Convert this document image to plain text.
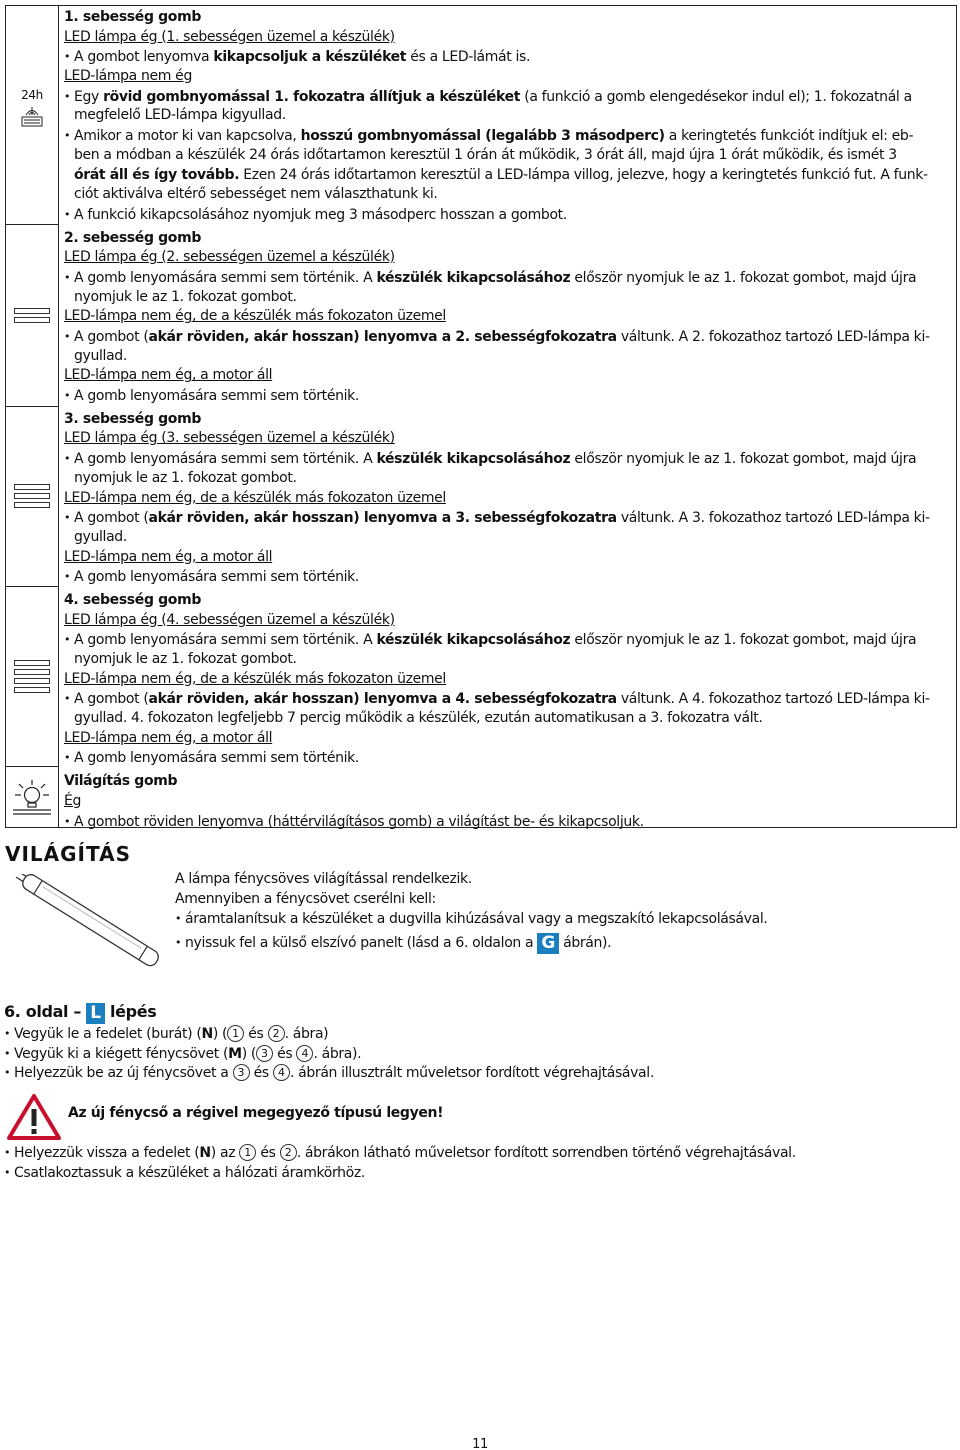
24h
1. sebesség gomb
LED lámpa ég (1. sebességen üzemel a készülék)
• A gombot lenyomva kikapcsoljuk a készüléket és a LED-lámát is.
LED-lámpa nem ég
• Egy rövid gombnyomással 1. fokozatra állítjuk a készüléket (a funkció a gomb elengedésekor indul el); 1. fokozatnál a
megfelelő LED-lámpa kigyullad.
• Amikor a motor ki van kapcsolva, hosszú gombnyomással (legalább 3 másodperc) a keringtetés funkciót indítjuk el: eb-
ben a módban a készülék 24 órás időtartamon keresztül 1 órán át működik, 3 órát áll, majd újra 1 órát működik, és ismét 3
órát áll és így tovább. Ezen 24 órás időtartamon keresztül a LED-lámpa villog, jelezve, hogy a keringtetés funkció fut. A funk-
ciót aktiválva eltérő sebességet nem választhatunk ki.
• A funkció kikapcsolásához nyomjuk meg 3 másodperc hosszan a gombot.
2. sebesség gomb
LED lámpa ég (2. sebességen üzemel a készülék)
• A gomb lenyomására semmi sem történik. A készülék kikapcsolásához először nyomjuk le az 1. fokozat gombot, majd újra
nyomjuk le az 1. fokozat gombot.
LED-lámpa nem ég, de a készülék más fokozaton üzemel
• A gombot (akár röviden, akár hosszan) lenyomva a 2. sebességfokozatra váltunk. A 2. fokozathoz tartozó LED-lámpa ki-
gyullad.
LED-lámpa nem ég, a motor áll
• A gomb lenyomására semmi sem történik.
3. sebesség gomb
LED lámpa ég (3. sebességen üzemel a készülék)
• A gomb lenyomására semmi sem történik. A készülék kikapcsolásához először nyomjuk le az 1. fokozat gombot, majd újra
nyomjuk le az 1. fokozat gombot.
LED-lámpa nem ég, de a készülék más fokozaton üzemel
• A gombot (akár röviden, akár hosszan) lenyomva a 3. sebességfokozatra váltunk. A 3. fokozathoz tartozó LED-lámpa ki-
gyullad.
LED-lámpa nem ég, a motor áll
• A gomb lenyomására semmi sem történik.
4. sebesség gomb
LED lámpa ég (4. sebességen üzemel a készülék)
• A gomb lenyomására semmi sem történik. A készülék kikapcsolásához először nyomjuk le az 1. fokozat gombot, majd újra
nyomjuk le az 1. fokozat gombot.
LED-lámpa nem ég, de a készülék más fokozaton üzemel
• A gombot (akár röviden, akár hosszan) lenyomva a 4. sebességfokozatra váltunk. A 4. fokozathoz tartozó LED-lámpa ki-
gyullad. 4. fokozaton legfeljebb 7 percig működik a készülék, ezután automatikusan a 3. fokozatra vált.
LED-lámpa nem ég, a motor áll
• A gomb lenyomására semmi sem történik.
Világítás gomb
Ég
• A gombot röviden lenyomva (háttérvilágításos gomb) a világítást be- és kikapcsoljuk.
VILÁGÍTÁS
A lámpa fénycsöves világítással rendelkezik.
Amennyiben a fénycsövet cserélni kell:
• áramtalanítsuk a készüléket a dugvilla kihúzásával vagy a megszakító lekapcsolásával.
• nyissuk fel a külső elszívó panelt (lásd a 6. oldalon a G ábrán).
6. oldal – L lépés
• Vegyük le a fedelet (burát) (N) ( 1 és 2 . ábra)
• Vegyük ki a kiégett fénycsövet (M) ( 3 és 4 . ábra).
• Helyezzük be az új fénycsövet a 3 és 4 . ábrán illusztrált műveletsor fordított végrehajtásával.
Az új fénycső a régivel megegyező típusú legyen!
• Helyezzük vissza a fedelet (N) az 1 és 2 . ábrákon látható műveletsor fordított sorrendben történő végrehajtásával.
• Csatlakoztassuk a készüléket a hálózati áramkörhöz.
11
